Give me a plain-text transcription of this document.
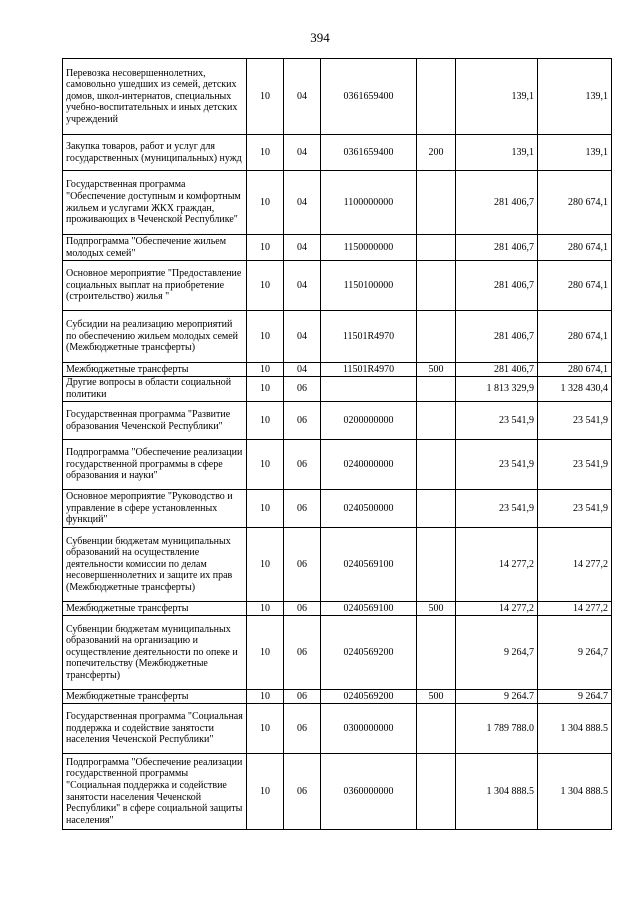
394
Перевозка несовершеннолетних, самовольно ушедших из семей, детских домов, школ-интернатов, специальных учебно-воспитательных и иных детских учреждений	10	04	0361659400		139,1	139,1
Закупка товаров, работ и услуг для государственных (муниципальных) нужд	10	04	0361659400	200	139,1	139,1
Государственная программа "Обеспечение доступным и комфортным жильем и услугами ЖКХ граждан, проживающих в Чеченской Республике"	10	04	1100000000		281 406,7	280 674,1
Подпрограмма "Обеспечение жильем молодых семей"	10	04	1150000000		281 406,7	280 674,1
Основное мероприятие "Предоставление социальных выплат на приобретение (строительство) жилья "	10	04	1150100000		281 406,7	280 674,1
Субсидии на реализацию мероприятий по обеспечению жильем молодых семей (Межбюджетные трансферты)	10	04	11501R4970		281 406,7	280 674,1
Межбюджетные трансферты	10	04	11501R4970	500	281 406,7	280 674,1
Другие вопросы в области социальной политики	10	06			1 813 329,9	1 328 430,4
Государственная программа "Развитие образования Чеченской Республики"	10	06	0200000000		23 541,9	23 541,9
Подпрограмма "Обеспечение реализации государственной программы в сфере образования и науки"	10	06	0240000000		23 541,9	23 541,9
Основное мероприятие "Руководство и управление в сфере установленных функций"	10	06	0240500000		23 541,9	23 541,9
Субвенции бюджетам муниципальных образований на осуществление деятельности комиссии по делам несовершеннолетних и защите их прав (Межбюджетные трансферты)	10	06	0240569100		14 277,2	14 277,2
Межбюджетные трансферты	10	06	0240569100	500	14 277,2	14 277,2
Субвенции бюджетам муниципальных образований на организацию и осуществление деятельности по опеке и попечительству (Межбюджетные трансферты)	10	06	0240569200		9 264,7	9 264,7
Межбюджетные трансферты	10	06	0240569200	500	9 264.7	9 264.7
Государственная программа "Социальная поддержка и содействие занятости населения Чеченской Республики"	10	06	0300000000		1 789 788.0	1 304 888.5
Подпрограмма "Обеспечение реализации государственной программы "Социальная поддержка и содействие занятости населения Чеченской Республики" в сфере социальной защиты населения"	10	06	0360000000		1 304 888.5	1 304 888.5
